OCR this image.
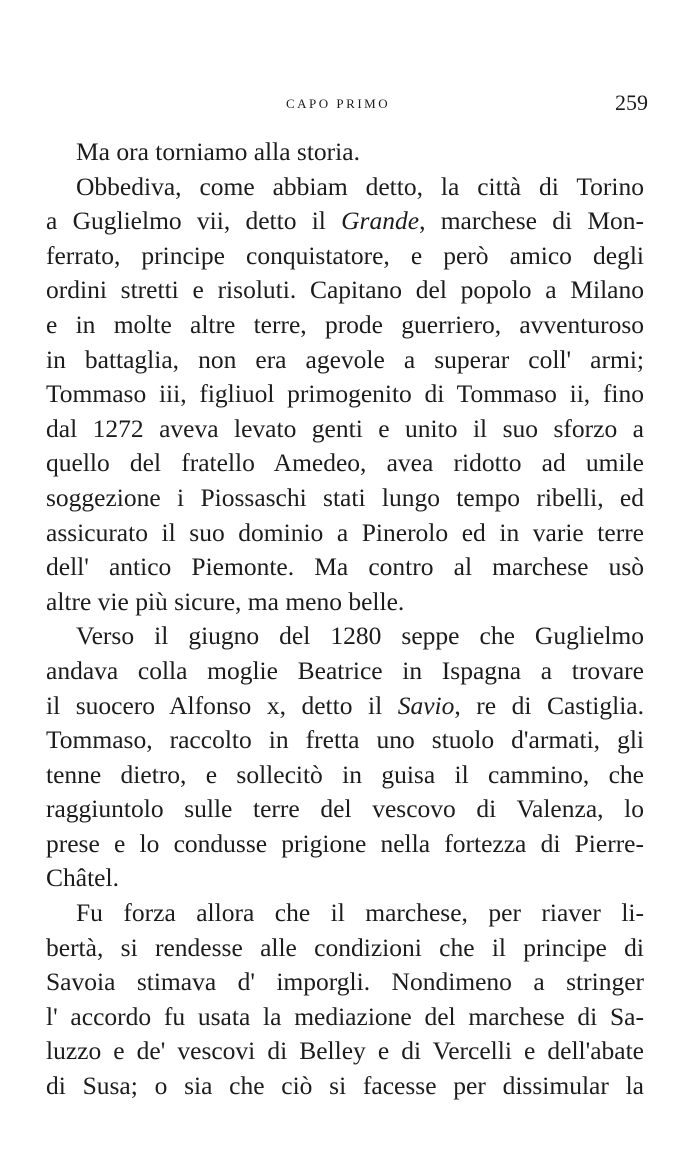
CAPO PRIMO	259
Ma ora torniamo alla storia.
Obbediva, come abbiam detto, la città di Torino
a Guglielmo vii, detto il Grande, marchese di Mon-
ferrato, principe conquistatore, e però amico degli
ordini stretti e risoluti. Capitano del popolo a Milano
e in molte altre terre, prode guerriero, avventuroso
in battaglia, non era agevole a superar coll' armi;
Tommaso iii, figliuol primogenito di Tommaso ii, fino
dal 1272 aveva levato genti e unito il suo sforzo a
quello del fratello Amedeo, avea ridotto ad umile
soggezione i Piossaschi stati lungo tempo ribelli, ed
assicurato il suo dominio a Pinerolo ed in varie terre
dell' antico Piemonte. Ma contro al marchese usò
altre vie più sicure, ma meno belle.
Verso il giugno del 1280 seppe che Guglielmo
andava colla moglie Beatrice in Ispagna a trovare
il suocero Alfonso x, detto il Savio, re di Castiglia.
Tommaso, raccolto in fretta uno stuolo d'armati, gli
tenne dietro, e sollecitò in guisa il cammino, che
raggiuntolo sulle terre del vescovo di Valenza, lo
prese e lo condusse prigione nella fortezza di Pierre-
Châtel.
Fu forza allora che il marchese, per riaver li-
bertà, si rendesse alle condizioni che il principe di
Savoia stimava d' imporgli. Nondimeno a stringer
l' accordo fu usata la mediazione del marchese di Sa-
luzzo e de' vescovi di Belley e di Vercelli e dell'abate
di Susa; o sia che ciò si facesse per dissimular la
